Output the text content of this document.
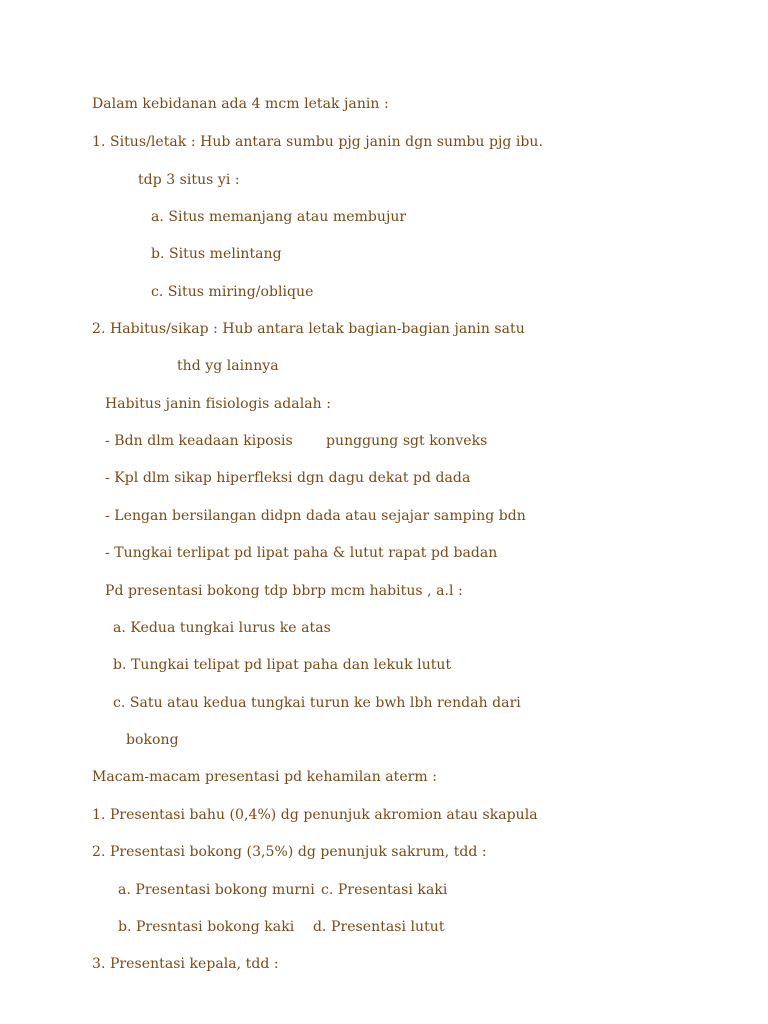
Dalam kebidanan ada 4 mcm letak janin :
1. Situs/letak : Hub antara sumbu pjg janin dgn sumbu pjg ibu.
tdp 3 situs yi :
a. Situs memanjang atau membujur
b. Situs melintang
c. Situs miring/oblique
2. Habitus/sikap : Hub antara letak bagian-bagian janin satu
thd yg lainnya
Habitus janin fisiologis adalah :
- Bdn dlm keadaan kiposis punggung sgt konveks
- Kpl dlm sikap hiperfleksi dgn dagu dekat pd dada
- Lengan bersilangan didpn dada atau sejajar samping bdn
- Tungkai terlipat pd lipat paha & lutut rapat pd badan
Pd presentasi bokong tdp bbrp mcm habitus , a.l :
a. Kedua tungkai lurus ke atas
b. Tungkai telipat pd lipat paha dan lekuk lutut
c. Satu atau kedua tungkai turun ke bwh lbh rendah dari
bokong
Macam-macam presentasi pd kehamilan aterm :
1. Presentasi bahu (0,4%) dg penunjuk akromion atau skapula
2. Presentasi bokong (3,5%) dg penunjuk sakrum, tdd :
a. Presentasi bokong murni c. Presentasi kaki
b. Presntasi bokong kaki d. Presentasi lutut
3. Presentasi kepala, tdd :
